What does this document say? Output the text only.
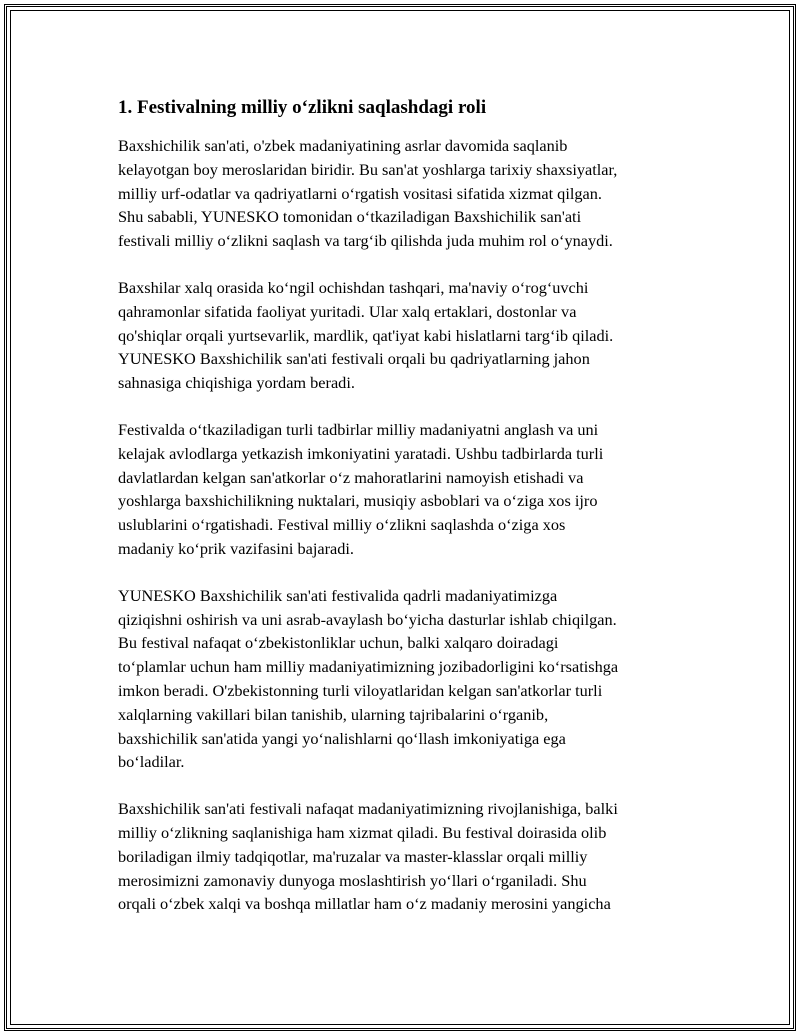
1. Festivalning milliy oʻzlikni saqlashdagi roli
Baxshichilik san'ati, o'zbek madaniyatining asrlar davomida saqlanib
kelayotgan boy meroslaridan biridir. Bu san'at yoshlarga tarixiy shaxsiyatlar,
milliy urf-odatlar va qadriyatlarni oʻrgatish vositasi sifatida xizmat qilgan.
Shu sababli, YUNESKO tomonidan oʻtkaziladigan Baxshichilik san'ati
festivali milliy oʻzlikni saqlash va targʻib qilishda juda muhim rol oʻynaydi.
Baxshilar xalq orasida koʻngil ochishdan tashqari, ma'naviy oʻrogʻuvchi
qahramonlar sifatida faoliyat yuritadi. Ular xalq ertaklari, dostonlar va
qo'shiqlar orqali yurtsevarlik, mardlik, qat'iyat kabi hislatlarni targʻib qiladi.
YUNESKO Baxshichilik san'ati festivali orqali bu qadriyatlarning jahon
sahnasiga chiqishiga yordam beradi.
Festivalda oʻtkaziladigan turli tadbirlar milliy madaniyatni anglash va uni
kelajak avlodlarga yetkazish imkoniyatini yaratadi. Ushbu tadbirlarda turli
davlatlardan kelgan san'atkorlar oʻz mahoratlarini namoyish etishadi va
yoshlarga baxshichilikning nuktalari, musiqiy asboblari va oʻziga xos ijro
uslublarini oʻrgatishadi. Festival milliy oʻzlikni saqlashda oʻziga xos
madaniy koʻprik vazifasini bajaradi.
YUNESKO Baxshichilik san'ati festivalida qadrli madaniyatimizga
qiziqishni oshirish va uni asrab-avaylash boʻyicha dasturlar ishlab chiqilgan.
Bu festival nafaqat oʻzbekistonliklar uchun, balki xalqaro doiradagi
toʻplamlar uchun ham milliy madaniyatimizning jozibadorligini koʻrsatishga
imkon beradi. O'zbekistonning turli viloyatlaridan kelgan san'atkorlar turli
xalqlarning vakillari bilan tanishib, ularning tajribalarini oʻrganib,
baxshichilik san'atida yangi yoʻnalishlarni qoʻllash imkoniyatiga ega
boʻladilar.
Baxshichilik san'ati festivali nafaqat madaniyatimizning rivojlanishiga, balki
milliy oʻzlikning saqlanishiga ham xizmat qiladi. Bu festival doirasida olib
boriladigan ilmiy tadqiqotlar, ma'ruzalar va master-klasslar orqali milliy
merosimizni zamonaviy dunyoga moslashtirish yoʻllari oʻrganiladi. Shu
orqali oʻzbek xalqi va boshqa millatlar ham oʻz madaniy merosini yangicha
